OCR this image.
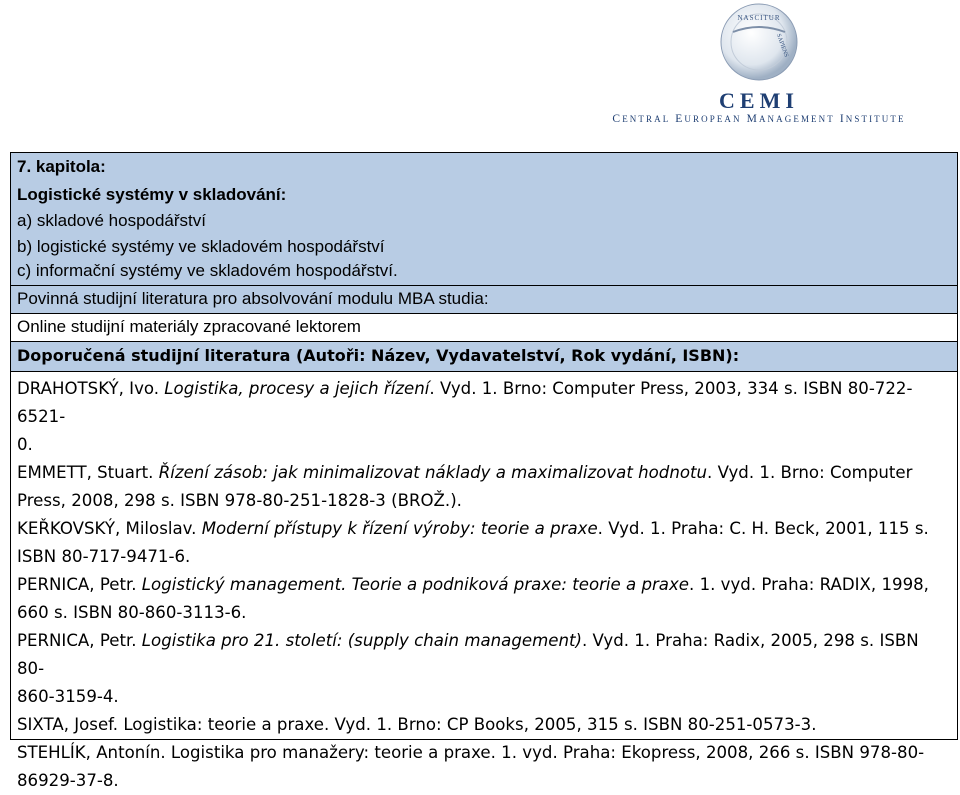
NASCITUR
SAPIENS
CEMI
CENTRAL EUROPEAN MANAGEMENT INSTITUTE
7. kapitola:
Logistické systémy v skladování:
a) skladové hospodářství
b) logistické systémy ve skladovém hospodářství
c) informační systémy ve skladovém hospodářství.
Povinná studijní literatura pro absolvování modulu MBA studia:
Online studijní materiály zpracované lektorem
Doporučená studijní literatura (Autoři: Název, Vydavatelství, Rok vydání, ISBN):
DRAHOTSKÝ, Ivo. Logistika, procesy a jejich řízení. Vyd. 1. Brno: Computer Press, 2003, 334 s. ISBN 80-722-6521-
0.
EMMETT, Stuart. Řízení zásob: jak minimalizovat náklady a maximalizovat hodnotu. Vyd. 1. Brno: Computer
Press, 2008, 298 s. ISBN 978-80-251-1828-3 (BROŽ.).
KEŘKOVSKÝ, Miloslav. Moderní přístupy k řízení výroby: teorie a praxe. Vyd. 1. Praha: C. H. Beck, 2001, 115 s.
ISBN 80-717-9471-6.
PERNICA, Petr. Logistický management. Teorie a podniková praxe: teorie a praxe. 1. vyd. Praha: RADIX, 1998,
660 s. ISBN 80-860-3113-6.
PERNICA, Petr. Logistika pro 21. století: (supply chain management). Vyd. 1. Praha: Radix, 2005, 298 s. ISBN 80-
860-3159-4.
SIXTA, Josef. Logistika: teorie a praxe. Vyd. 1. Brno: CP Books, 2005, 315 s. ISBN 80-251-0573-3.
STEHLÍK, Antonín. Logistika pro manažery: teorie a praxe. 1. vyd. Praha: Ekopress, 2008, 266 s. ISBN 978-80-
86929-37-8.
